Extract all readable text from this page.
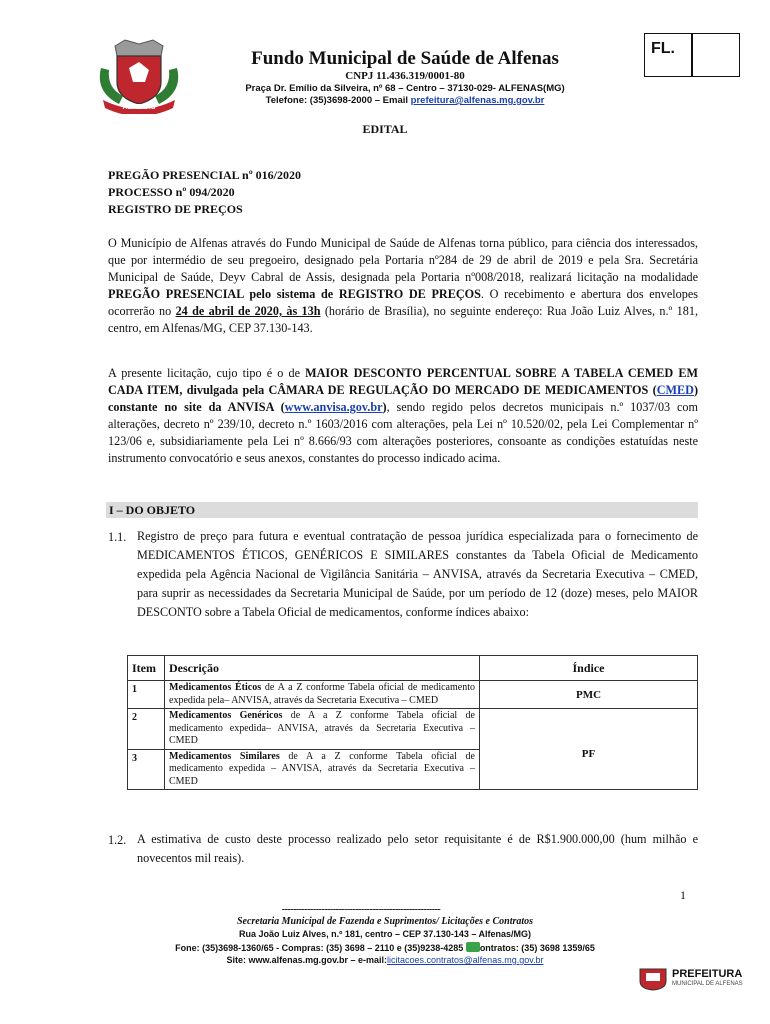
ALFENAS
Fundo Municipal de Saúde de Alfenas
CNPJ 11.436.319/0001-80
Praça Dr. Emílio da Silveira, nº 68 – Centro – 37130-029- ALFENAS(MG)
Telefone: (35)3698-2000 – Email prefeitura@alfenas.mg.gov.br
FL.
EDITAL
PREGÃO PRESENCIAL nº 016/2020
PROCESSO nº 094/2020
REGISTRO DE PREÇOS
O Município de Alfenas através do Fundo Municipal de Saúde de Alfenas torna público, para ciência dos interessados, que por intermédio de seu pregoeiro, designado pela Portaria nº284 de 29 de abril de 2019 e pela Sra. Secretária Municipal de Saúde, Deyv Cabral de Assis, designada pela Portaria nº008/2018, realizará licitação na modalidade PREGÃO PRESENCIAL pelo sistema de REGISTRO DE PREÇOS. O recebimento e abertura dos envelopes ocorrerão no 24 de abril de 2020, às 13h (horário de Brasília), no seguinte endereço: Rua João Luiz Alves, n.º 181, centro, em Alfenas/MG, CEP 37.130-143.
A presente licitação, cujo tipo é o de MAIOR DESCONTO PERCENTUAL SOBRE A TABELA CEMED EM CADA ITEM, divulgada pela CÂMARA DE REGULAÇÃO DO MERCADO DE MEDICAMENTOS (CMED) constante no site da ANVISA (www.anvisa.gov.br), sendo regido pelos decretos municipais n.º 1037/03 com alterações, decreto nº 239/10, decreto n.º 1603/2016 com alterações, pela Lei nº 10.520/02, pela Lei Complementar nº 123/06 e, subsidiariamente pela Lei nº 8.666/93 com alterações posteriores, consoante as condições estatuídas neste instrumento convocatório e seus anexos, constantes do processo indicado acima.
I – DO OBJETO
1.1. Registro de preço para futura e eventual contratação de pessoa jurídica especializada para o fornecimento de MEDICAMENTOS ÉTICOS, GENÉRICOS E SIMILARES constantes da Tabela Oficial de Medicamento expedida pela Agência Nacional de Vigilância Sanitária – ANVISA, através da Secretaria Executiva – CMED, para suprir as necessidades da Secretaria Municipal de Saúde, por um período de 12 (doze) meses, pelo MAIOR DESCONTO sobre a Tabela Oficial de medicamentos, conforme índices abaixo:
Item	Descrição	Índice
1	Medicamentos Éticos de A a Z conforme Tabela oficial de medicamento expedida pela– ANVISA, através da Secretaria Executiva – CMED	PMC
2	Medicamentos Genéricos de A a Z conforme Tabela oficial de medicamento expedida– ANVISA, através da Secretaria Executiva – CMED	PF
3	Medicamentos Similares de A a Z conforme Tabela oficial de medicamento expedida – ANVISA, através da Secretaria Executiva – CMED	
1.2. A estimativa de custo deste processo realizado pelo setor requisitante é de R$1.900.000,00 (hum milhão e novecentos mil reais).
1
--------------------------------------------------------
Secretaria Municipal de Fazenda e Suprimentos/ Licitações e Contratos
Rua João Luiz Alves, n.º 181, centro – CEP 37.130-143 – Alfenas/MG)
Fone: (35)3698-1360/65 - Compras: (35) 3698 – 2110 e (35)9238-4285 ontratos: (35) 3698 1359/65
Site: www.alfenas.mg.gov.br – e-mail:licitacoes.contratos@alfenas.mg.gov.br
PREFEITURA
MUNICIPAL DE ALFENAS
